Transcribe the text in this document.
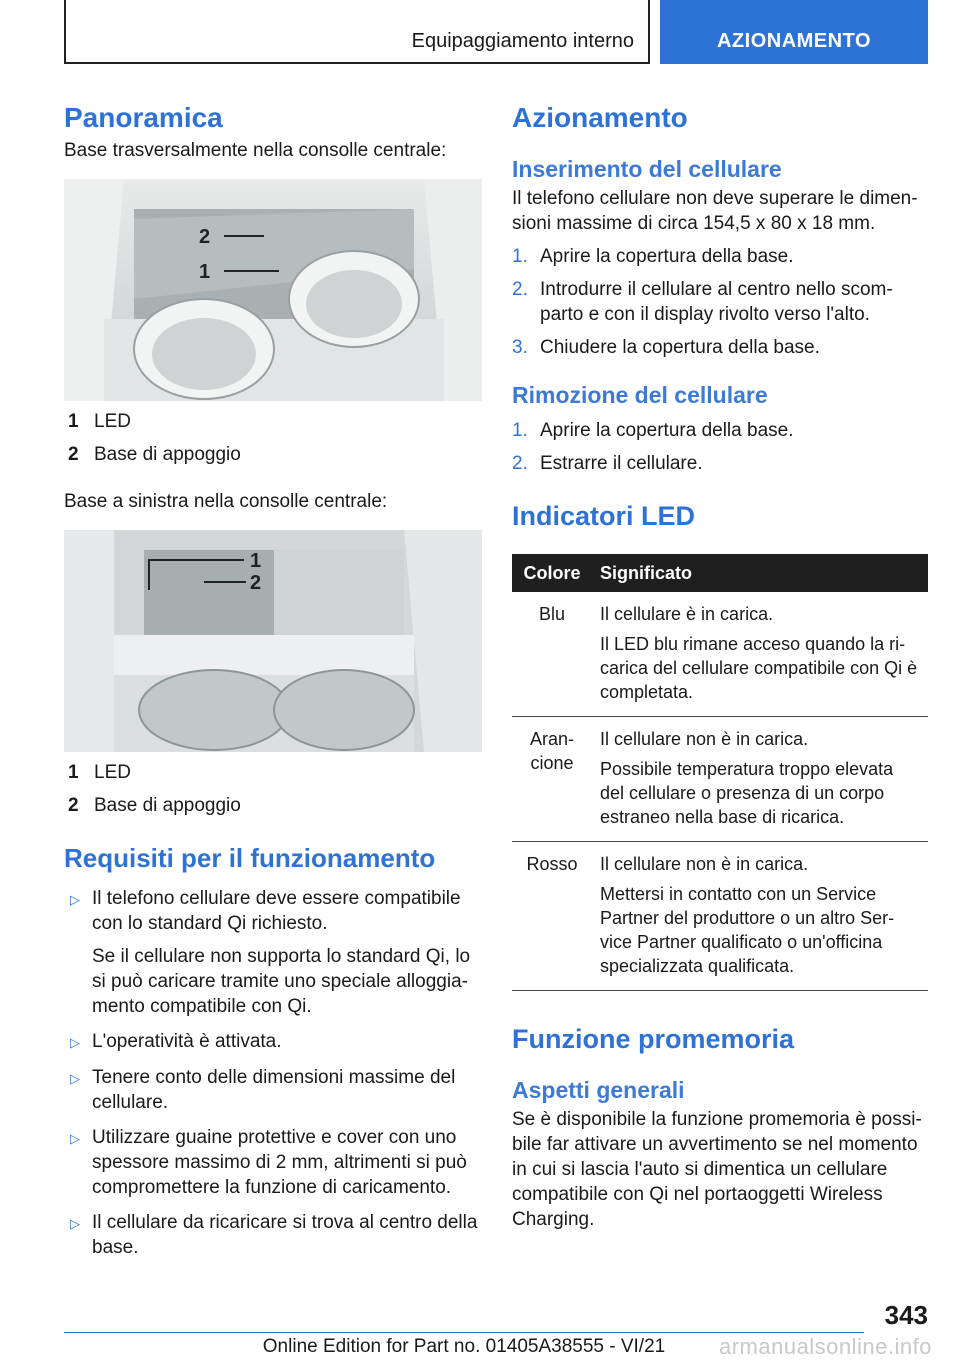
Equipaggiamento interno	AZIONAMENTO
Panoramica
Base trasversalmente nella consolle centrale:
2
1
1 LED
2 Base di appoggio
Base a sinistra nella consolle centrale:
1
2
1 LED
2 Base di appoggio
Requisiti per il funzionamento
▷ Il telefono cellulare deve essere compatibile con lo standard Qi richiesto.
Se il cellulare non supporta lo standard Qi, lo si può caricare tramite uno speciale alloggiamento compatibile con Qi.
▷ L'operatività è attivata.
▷ Tenere conto delle dimensioni massime del cellulare.
▷ Utilizzare guaine protettive e cover con uno spessore massimo di 2 mm, altrimenti si può compromettere la funzione di caricamento.
▷ Il cellulare da ricaricare si trova al centro della base.
Azionamento
Inserimento del cellulare
Il telefono cellulare non deve superare le dimensioni massime di circa 154,5 x 80 x 18 mm.
1. Aprire la copertura della base.
2. Introdurre il cellulare al centro nello scomparto e con il display rivolto verso l'alto.
3. Chiudere la copertura della base.
Rimozione del cellulare
1. Aprire la copertura della base.
2. Estrarre il cellulare.
Indicatori LED
Colore	Significato
Blu	Il cellulare è in carica.
Il LED blu rimane acceso quando la ricarica del cellulare compatibile con Qi è completata.

Arancione	Il cellulare non è in carica.
Possibile temperatura troppo elevata del cellulare o presenza di un corpo estraneo nella base di ricarica.

Rosso	Il cellulare non è in carica.
Mettersi in contatto con un Service Partner del produttore o un altro Service Partner qualificato o un'officina specializzata qualificata.
Funzione promemoria
Aspetti generali
Se è disponibile la funzione promemoria è possibile far attivare un avvertimento se nel momento in cui si lascia l'auto si dimentica un cellulare compatibile con Qi nel portaoggetti Wireless Charging.
343
Online Edition for Part no. 01405A38555 - VI/21	armanualsonline.info
